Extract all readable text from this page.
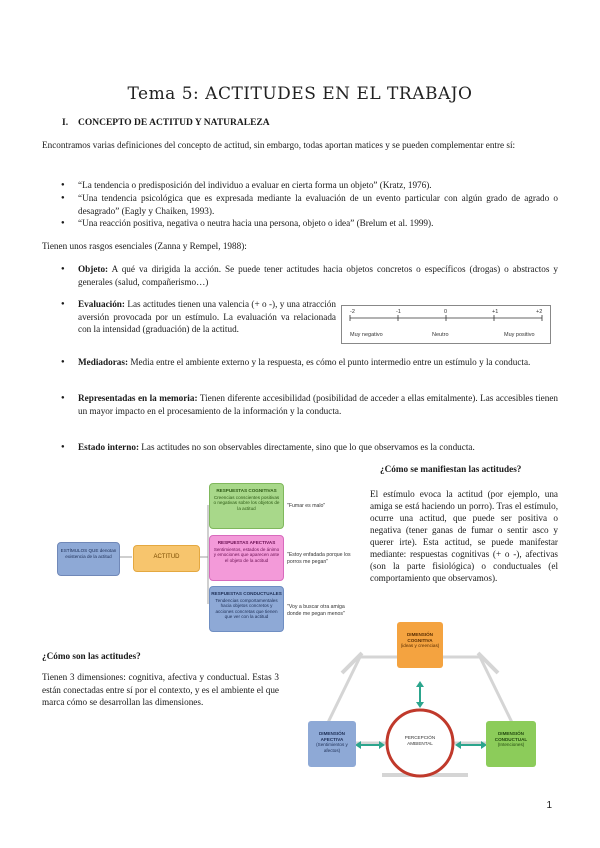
Tema 5: ACTITUDES EN EL TRABAJO
I. CONCEPTO DE ACTITUD Y NATURALEZA
Encontramos varias definiciones del concepto de actitud, sin embargo, todas aportan matices y se pueden complementar entre sí:
● “La tendencia o predisposición del individuo a evaluar en cierta forma un objeto” (Kratz, 1976).
● “Una tendencia psicológica que es expresada mediante la evaluación de un evento particular con algún grado de agrado o desagrado” (Eagly y Chaiken, 1993).
● “Una reacción positiva, negativa o neutra hacia una persona, objeto o idea” (Brelum et al. 1999).
Tienen unos rasgos esenciales (Zanna y Rempel, 1988):
● Objeto: A qué va dirigida la acción. Se puede tener actitudes hacia objetos concretos o específicos (drogas) o abstractos y generales (salud, compañerismo…)
● Evaluación: Las actitudes tienen una valencia (+ o -), y una atracción aversión provocada por un estímulo. La evaluación va relacionada con la intensidad (graduación) de la actitud.
-2	-1	0	+1	+2
Muy negativo	Neutro	Muy positivo
● Mediadoras: Media entre el ambiente externo y la respuesta, es cómo el punto intermedio entre un estímulo y la conducta.
● Representadas en la memoria: Tienen diferente accesibilidad (posibilidad de acceder a ellas emitalmente). Las accesibles tienen un mayor impacto en el procesamiento de la información y la conducta.
● Estado interno: Las actitudes no son observables directamente, sino que lo que observamos es la conducta.
ESTÍMULOS QUE denotan existencia de la actitud	ACTITUD
RESPUESTAS COGNITIVAS
Creencias conscientes positivas o negativas sobre los objetos de la actitud
RESPUESTAS AFECTIVAS
Sentimientos, estados de ánimo y emociones que aparecen ante el objeto de la actitud
RESPUESTAS CONDUCTUALES
Tendencias comportamentales hacia objetos concretos y acciones concretas que tienen que ver con la actitud
"Fumar es malo"
"Estoy enfadada porque los porros me pegan"
"Voy a buscar otra amiga donde me pegan menos"
¿Cómo se manifiestan las actitudes?
El estímulo evoca la actitud (por ejemplo, una amiga se está haciendo un porro). Tras el estímulo, ocurre una actitud, que puede ser positiva o negativa (tener ganas de fumar o sentir asco y querer irte). Esta actitud, se puede manifestar mediante: respuestas cognitivas (+ o -), afectivas (son la parte fisiológica) o conductuales (el comportamiento que observamos).
¿Cómo son las actitudes?
Tienen 3 dimensiones: cognitiva, afectiva y conductual. Estas 3 están conectadas entre sí por el contexto, y es el ambiente el que marca cómo se desarrollan las dimensiones.
DIMENSIÓN COGNITIVA
(ideas y creencias)
DIMENSIÓN AFECTIVA
(Sentimientos y afectos)
DIMENSIÓN CONDUCTUAL
(Intenciones)
PERCEPCIÓN AMBIENTAL
1
